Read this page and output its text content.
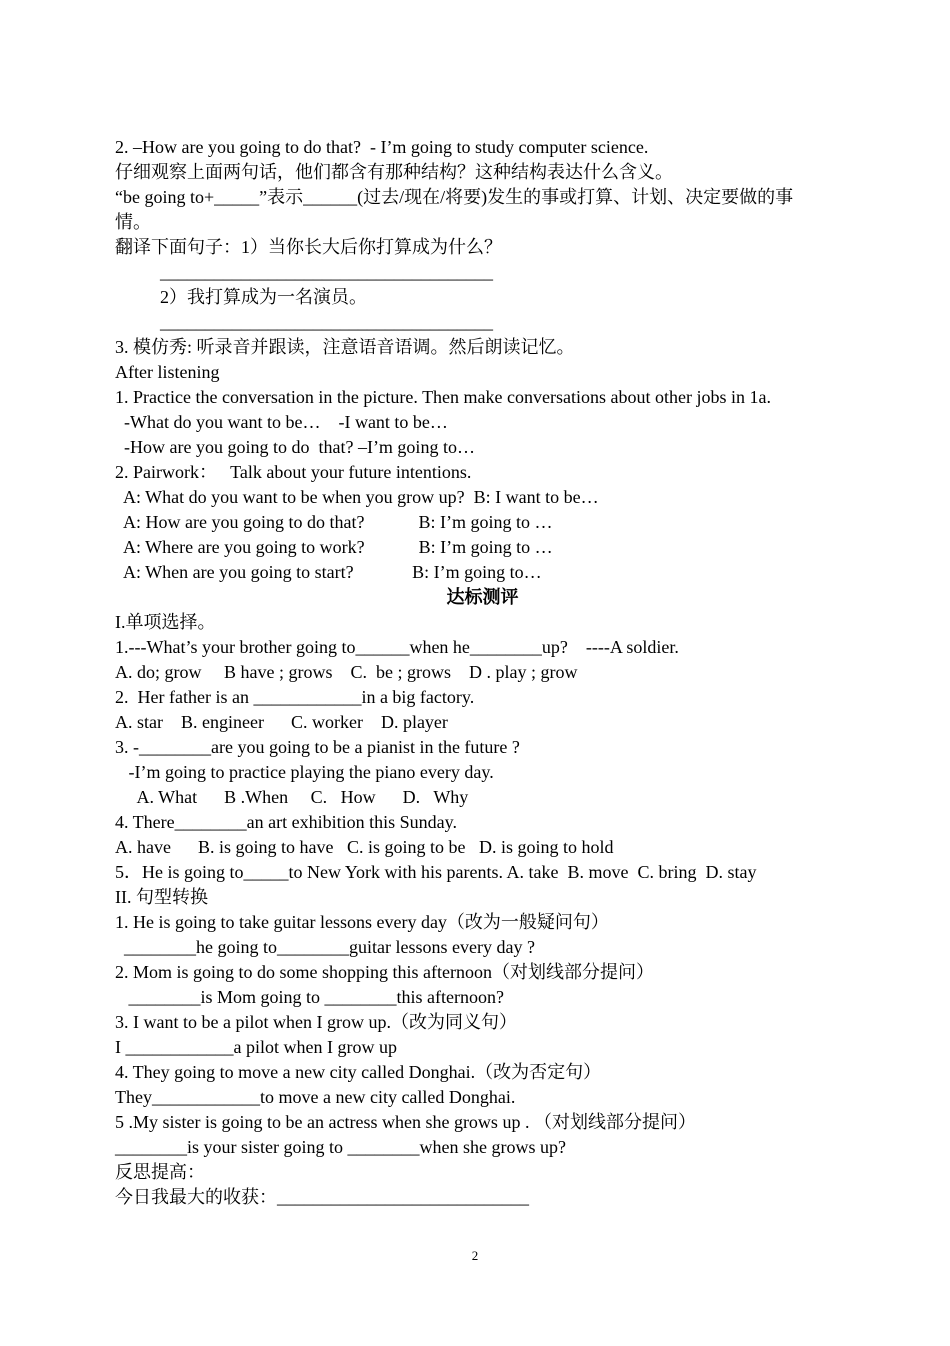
2. –How are you going to do that?  - I’m going to study computer science.
仔细观察上面两句话，他们都含有那种结构？这种结构表达什么含义。
“be going to+_____”表示______(过去/现在/将要)发生的事或打算、计划、决定要做的事
情。
翻译下面句子：1）当你长大后你打算成为什么？
_____________________________________
2）我打算成为一名演员。
_____________________________________
3. 模仿秀: 听录音并跟读，注意语音语调。然后朗读记忆。
After listening
1. Practice the conversation in the picture. Then make conversations about other jobs in 1a.
-What do you want to be…    -I want to be…
-How are you going to do  that? –I’m going to…
2. Pairwork：   Talk about your future intentions.
A: What do you want to be when you grow up?  B: I want to be…
A: How are you going to do that?            B: I’m going to …
A: Where are you going to work?            B: I’m going to …
A: When are you going to start?             B: I’m going to…
达标测评
I.单项选择。
1.---What’s your brother going to______when he________up?    ----A soldier.
A. do; grow     B have ; grows    C.  be ; grows    D . play ; grow
2.  Her father is an ____________in a big factory.
A. star    B. engineer      C. worker    D. player
3. -________are you going to be a pianist in the future ?
-I’m going to practice playing the piano every day.
A. What      B .When     C.   How      D.   Why
4. There________an art exhibition this Sunday.
A. have      B. is going to have   C. is going to be   D. is going to hold
5．He is going to_____to New York with his parents. A. take  B. move  C. bring  D. stay
II. 句型转换
1. He is going to take guitar lessons every day（改为一般疑问句）
________he going to________guitar lessons every day ?
2. Mom is going to do some shopping this afternoon（对划线部分提问）
________is Mom going to ________this afternoon?
3. I want to be a pilot when I grow up.（改为同义句）
I ____________a pilot when I grow up
4. They going to move a new city called Donghai.（改为否定句）
They____________to move a new city called Donghai.
5 .My sister is going to be an actress when she grows up . （对划线部分提问）
________is your sister going to ________when she grows up?
反思提高：
今日我最大的收获：____________________________
2
